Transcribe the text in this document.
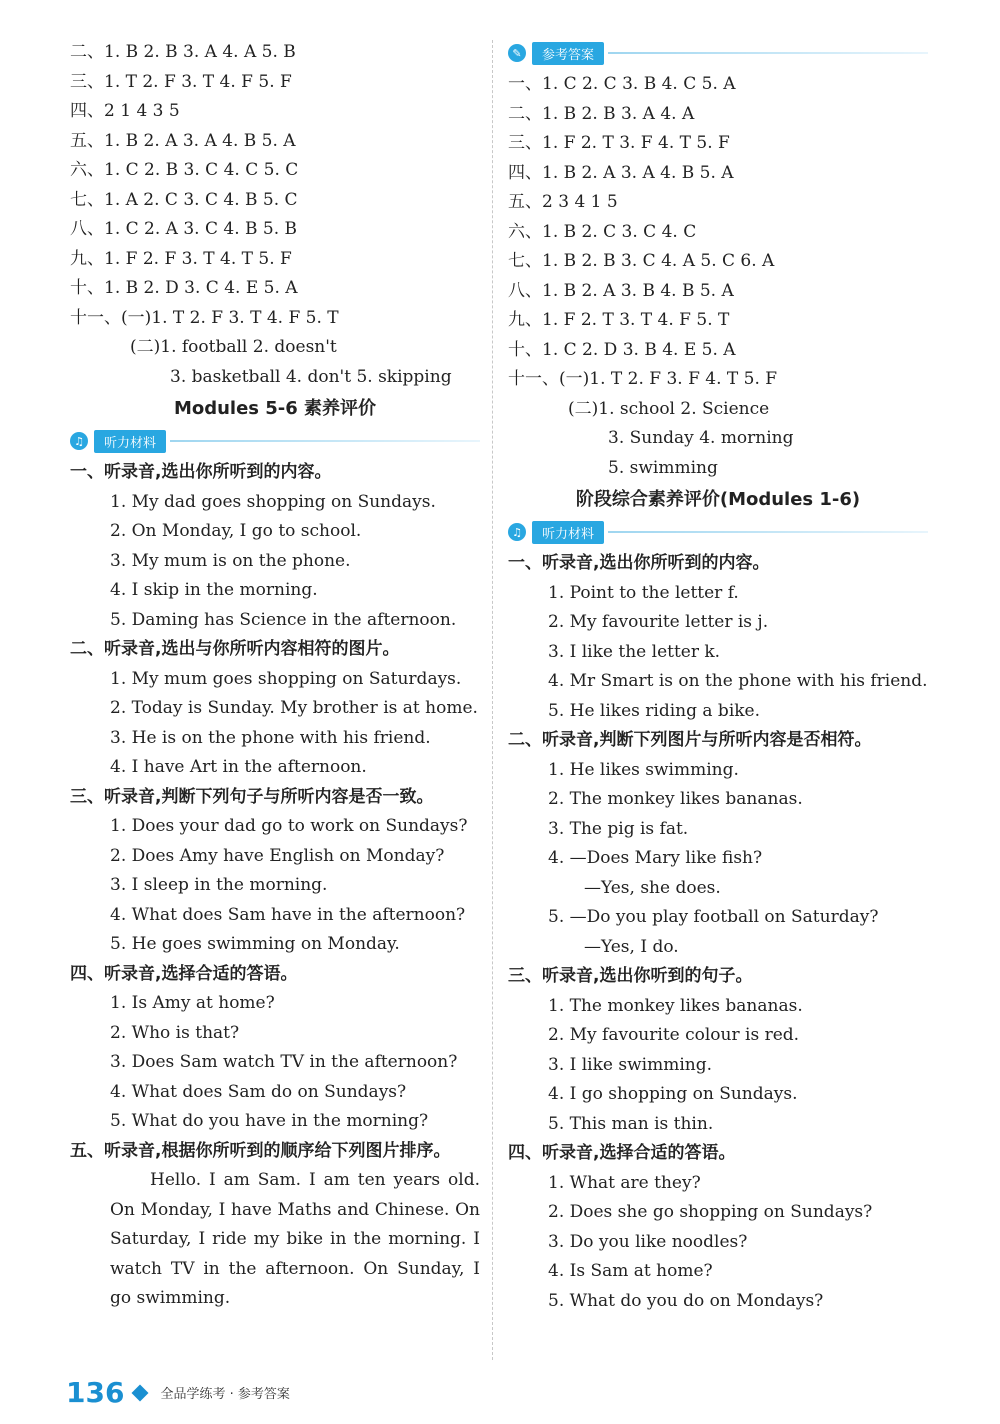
二、1. B 2. B 3. A 4. A 5. B
三、1. T 2. F 3. T 4. F 5. F
四、2 1 4 3 5
五、1. B 2. A 3. A 4. B 5. A
六、1. C 2. B 3. C 4. C 5. C
七、1. A 2. C 3. C 4. B 5. C
八、1. C 2. A 3. C 4. B 5. B
九、1. F 2. F 3. T 4. T 5. F
十、1. B 2. D 3. C 4. E 5. A
十一、(一)1. T 2. F 3. T 4. F 5. T
(二)1. football 2. doesn't
3. basketball 4. don't 5. skipping
Modules 5-6 素养评价
♫	听力材料
一、听录音,选出你所听到的内容。
1. My dad goes shopping on Sundays.
2. On Monday, I go to school.
3. My mum is on the phone.
4. I skip in the morning.
5. Daming has Science in the afternoon.
二、听录音,选出与你所听内容相符的图片。
1. My mum goes shopping on Saturdays.
2. Today is Sunday. My brother is at home.
3. He is on the phone with his friend.
4. I have Art in the afternoon.
三、听录音,判断下列句子与所听内容是否一致。
1. Does your dad go to work on Sundays?
2. Does Amy have English on Monday?
3. I sleep in the morning.
4. What does Sam have in the afternoon?
5. He goes swimming on Monday.
四、听录音,选择合适的答语。
1. Is Amy at home?
2. Who is that?
3. Does Sam watch TV in the afternoon?
4. What does Sam do on Sundays?
5. What do you have in the morning?
五、听录音,根据你所听到的顺序给下列图片排序。
Hello. I am Sam. I am ten years old. On Monday, I have Maths and Chinese. On Saturday, I ride my bike in the morning. I watch TV in the afternoon. On Sunday, I go swimming.
✎	参考答案
一、1. C 2. C 3. B 4. C 5. A
二、1. B 2. B 3. A 4. A
三、1. F 2. T 3. F 4. T 5. F
四、1. B 2. A 3. A 4. B 5. A
五、2 3 4 1 5
六、1. B 2. C 3. C 4. C
七、1. B 2. B 3. C 4. A 5. C 6. A
八、1. B 2. A 3. B 4. B 5. A
九、1. F 2. T 3. T 4. F 5. T
十、1. C 2. D 3. B 4. E 5. A
十一、(一)1. T 2. F 3. F 4. T 5. F
(二)1. school 2. Science
3. Sunday 4. morning
5. swimming
阶段综合素养评价(Modules 1-6)
♫	听力材料
一、听录音,选出你所听到的内容。
1. Point to the letter f.
2. My favourite letter is j.
3. I like the letter k.
4. Mr Smart is on the phone with his friend.
5. He likes riding a bike.
二、听录音,判断下列图片与所听内容是否相符。
1. He likes swimming.
2. The monkey likes bananas.
3. The pig is fat.
4. —Does Mary like fish?
—Yes, she does.
5. —Do you play football on Saturday?
—Yes, I do.
三、听录音,选出你听到的句子。
1. The monkey likes bananas.
2. My favourite colour is red.
3. I like swimming.
4. I go shopping on Sundays.
5. This man is thin.
四、听录音,选择合适的答语。
1. What are they?
2. Does she go shopping on Sundays?
3. Do you like noodles?
4. Is Sam at home?
5. What do you do on Mondays?
136	全品学练考 · 参考答案
